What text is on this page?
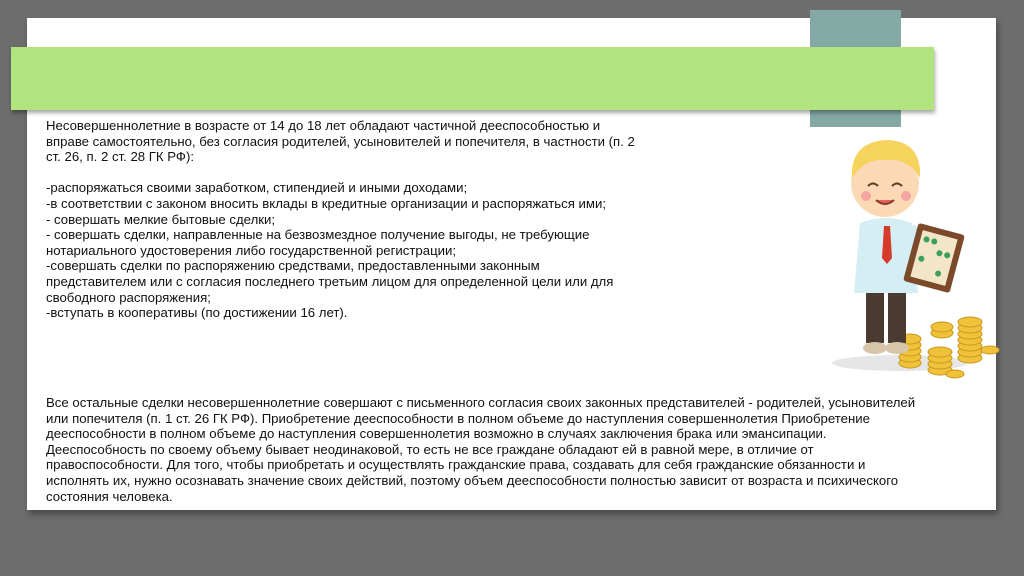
Несовершеннолетние в возрасте от 14 до 18 лет обладают частичной дееспособностью и
вправе самостоятельно, без согласия родителей, усыновителей и попечителя, в частности (п. 2
ст. 26, п. 2 ст. 28 ГК РФ):

-распоряжаться своими заработком, стипендией и иными доходами;
-в соответствии с законом вносить вклады в кредитные организации и распоряжаться ими;
- совершать мелкие бытовые сделки;
- совершать сделки, направленные на безвозмездное получение выгоды, не требующие
нотариального удостоверения либо государственной регистрации;
-совершать сделки по распоряжению средствами, предоставленными законным
представителем или с согласия последнего третьим лицом для определенной цели или для
свободного распоряжения;
-вступать в кооперативы (по достижении 16 лет).
Все остальные сделки несовершеннолетние совершают с письменного согласия своих законных представителей - родителей, усыновителей
или попечителя (п. 1 ст. 26 ГК РФ). Приобретение дееспособности в полном объеме до наступления совершеннолетия Приобретение
дееспособности в полном объеме до наступления совершеннолетия возможно в случаях заключения брака или эмансипации.
Дееспособность по своему объему бывает неодинаковой, то есть не все граждане обладают ей в равной мере, в отличие от
правоспособности. Для того, чтобы приобретать и осуществлять гражданские права, создавать для себя гражданские обязанности и
исполнять их, нужно осознавать значение своих действий, поэтому объем дееспособности полностью зависит от возраста и психического
состояния человека.
